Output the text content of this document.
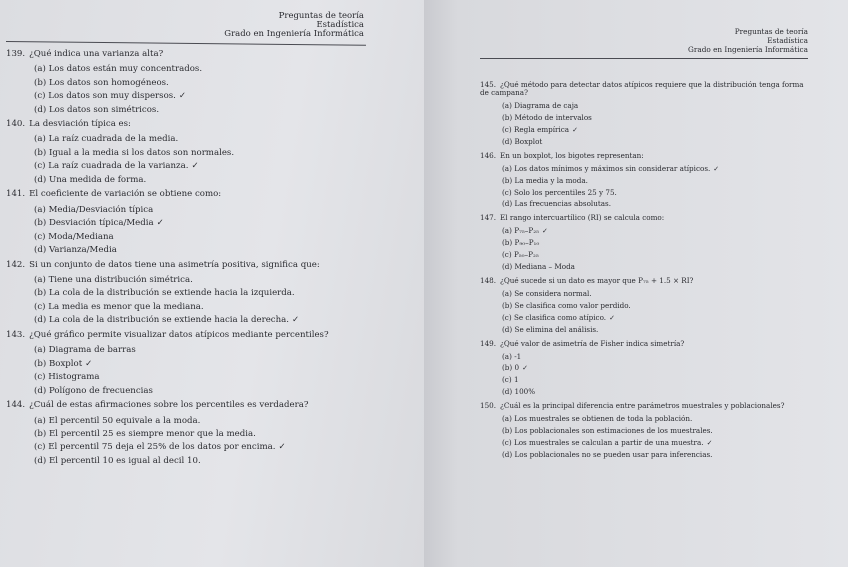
Preguntas de teoría
Estadística
Grado en Ingeniería Informática

139. ¿Qué indica una varianza alta?

(a) Los datos están muy concentrados.
(b) Los datos son homogéneos.
(c) Los datos son muy dispersos. ✓
(d) Los datos son simétricos.

140. La desviación típica es:

(a) La raíz cuadrada de la media.
(b) Igual a la media si los datos son normales.
(c) La raíz cuadrada de la varianza. ✓
(d) Una medida de forma.

141. El coeficiente de variación se obtiene como:

(a) Media/Desviación típica
(b) Desviación típica/Media ✓
(c) Moda/Mediana
(d) Varianza/Media

142. Si un conjunto de datos tiene una asimetría positiva, significa que:

(a) Tiene una distribución simétrica.
(b) La cola de la distribución se extiende hacia la izquierda.
(c) La media es menor que la mediana.
(d) La cola de la distribución se extiende hacia la derecha. ✓

143. ¿Qué gráfico permite visualizar datos atípicos mediante percentiles?

(a) Diagrama de barras
(b) Boxplot ✓
(c) Histograma
(d) Polígono de frecuencias

144. ¿Cuál de estas afirmaciones sobre los percentiles es verdadera?

(a) El percentil 50 equivale a la moda.
(b) El percentil 25 es siempre menor que la media.
(c) El percentil 75 deja el 25% de los datos por encima. ✓
(d) El percentil 10 es igual al decil 10.
Preguntas de teoría
Estadística
Grado en Ingeniería Informática

145. ¿Qué método para detectar datos atípicos requiere que la distribución tenga forma de campana?

(a) Diagrama de caja
(b) Método de intervalos
(c) Regla empírica ✓
(d) Boxplot

146. En un boxplot, los bigotes representan:

(a) Los datos mínimos y máximos sin considerar atípicos. ✓
(b) La media y la moda.
(c) Solo los percentiles 25 y 75.
(d) Las frecuencias absolutas.

147. El rango intercuartílico (RI) se calcula como:

(a) P₇₅–P₂₅ ✓
(b) P₉₀–P₁₀
(c) P₅₀–P₂₅
(d) Mediana – Moda

148. ¿Qué sucede si un dato es mayor que P₇₅ + 1.5 × RI?

(a) Se considera normal.
(b) Se clasifica como valor perdido.
(c) Se clasifica como atípico. ✓
(d) Se elimina del análisis.

149. ¿Qué valor de asimetría de Fisher indica simetría?

(a) -1
(b) 0 ✓
(c) 1
(d) 100%

150. ¿Cuál es la principal diferencia entre parámetros muestrales y poblacionales?

(a) Los muestrales se obtienen de toda la población.
(b) Los poblacionales son estimaciones de los muestrales.
(c) Los muestrales se calculan a partir de una muestra. ✓
(d) Los poblacionales no se pueden usar para inferencias.
